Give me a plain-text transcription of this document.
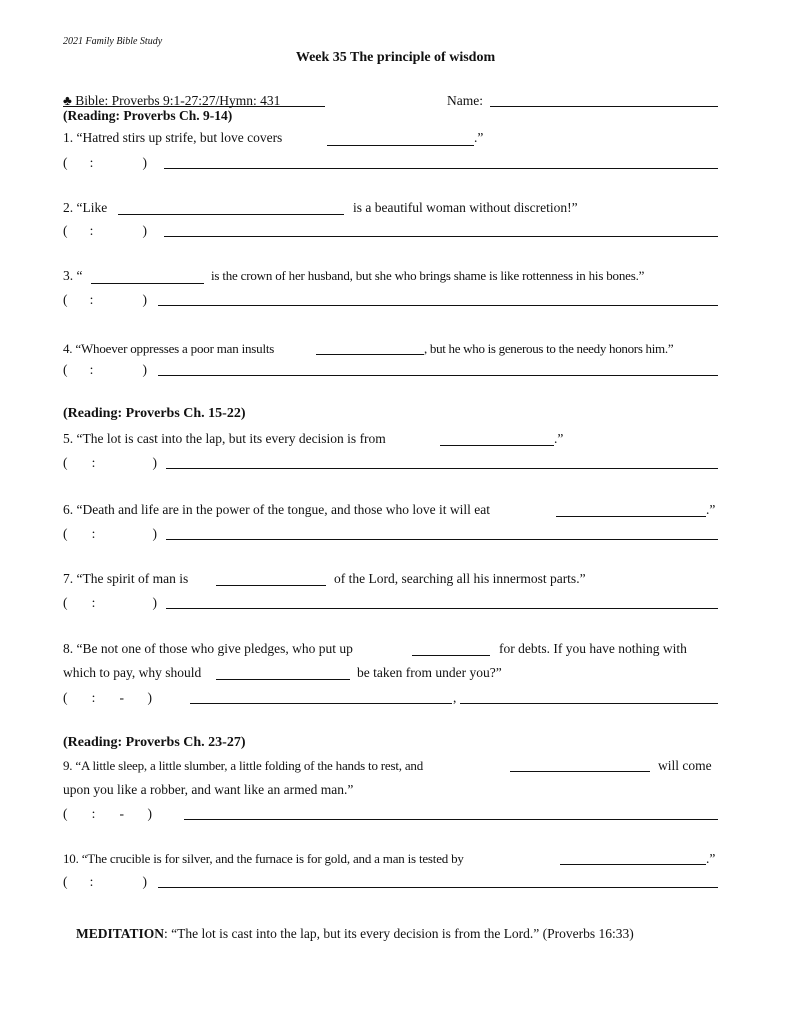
2021 Family Bible Study
Week 35 The principle of wisdom
♣ Bible: Proverbs 9:1-27:27/Hymn: 431	Name:
(Reading: Proverbs Ch. 9-14)
1. “Hatred stirs up strife, but love covers	.”
( :	)
2. “Like	is a beautiful woman without discretion!”
( :	)
3. “	is the crown of her husband, but she who brings shame is like rottenness in his bones.”
( :	)
4. “Whoever oppresses a poor man insults	, but he who is generous to the needy honors him.”
( :	)
(Reading: Proverbs Ch. 15-22)
5. “The lot is cast into the lap, but its every decision is from	.”
( :	)
6. “Death and life are in the power of the tongue, and those who love it will eat	.”
( :	)
7. “The spirit of man is	of the Lord, searching all his innermost parts.”
( :	)
8. “Be not one of those who give pledges, who put up	for debts. If you have nothing with
which to pay, why should	be taken from under you?”
( : - )	,
(Reading: Proverbs Ch. 23-27)
9. “A little sleep, a little slumber, a little folding of the hands to rest, and	will come
upon you like a robber, and want like an armed man.”
( : - )
10. “The crucible is for silver, and the furnace is for gold, and a man is tested by	.”
( :	)
MEDITATION: “The lot is cast into the lap, but its every decision is from the Lord.” (Proverbs 16:33)
